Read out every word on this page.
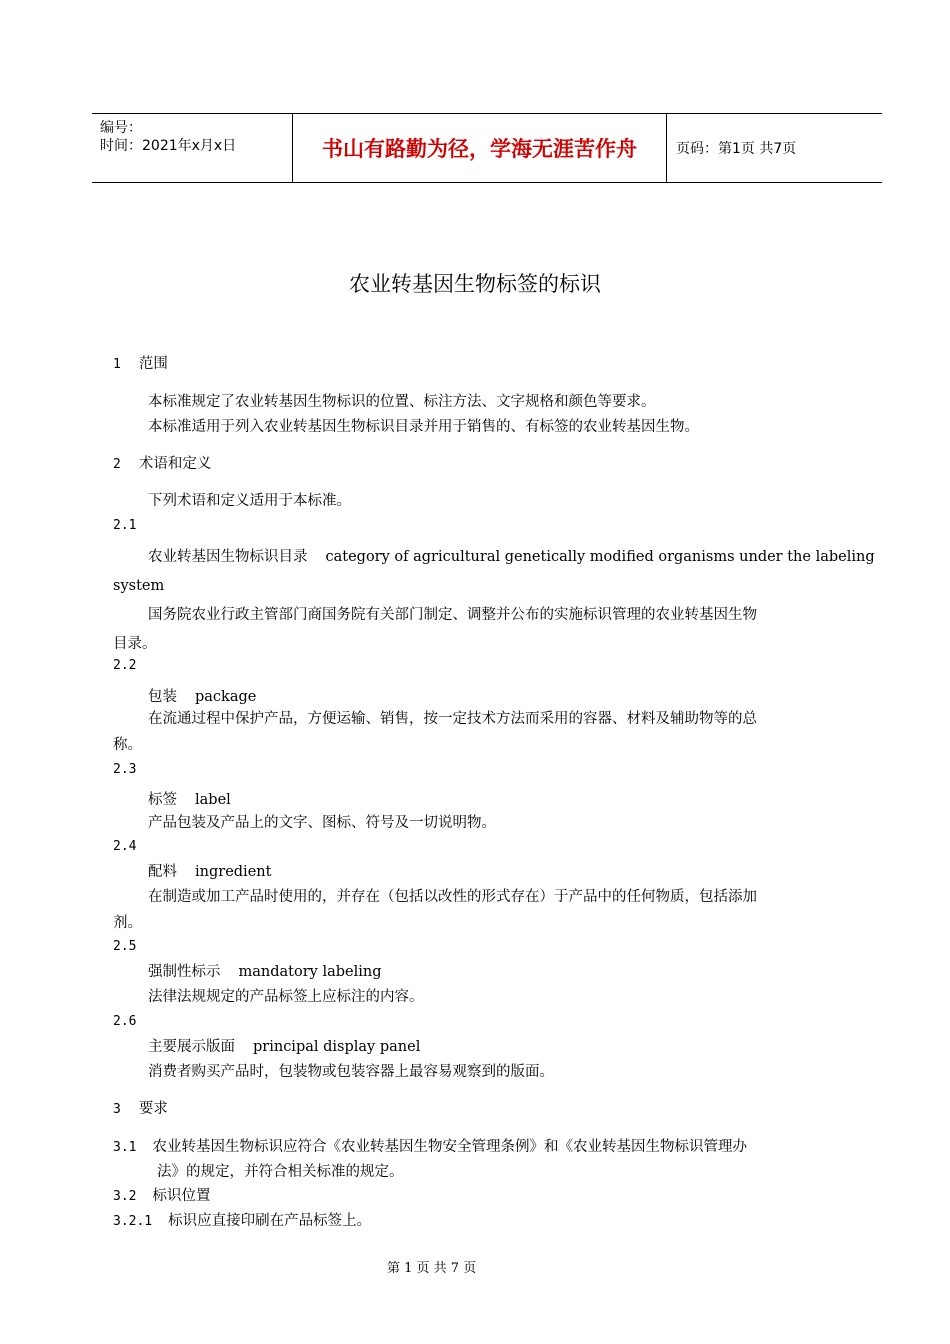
编号：
时间：2021年x月x日	书山有路勤为径，学海无涯苦作舟	页码：第1页 共7页
农业转基因生物标签的标识
1 范围
本标准规定了农业转基因生物标识的位置、标注方法、文字规格和颜色等要求。
本标准适用于列入农业转基因生物标识目录并用于销售的、有标签的农业转基因生物。
2 术语和定义
下列术语和定义适用于本标准。
2.1
农业转基因生物标识目录 category of agricultural genetically modified organisms under the labeling
system
国务院农业行政主管部门商国务院有关部门制定、调整并公布的实施标识管理的农业转基因生物
目录。
2.2
包装 package
在流通过程中保护产品，方便运输、销售，按一定技术方法而采用的容器、材料及辅助物等的总
称。
2.3
标签 label
产品包装及产品上的文字、图标、符号及一切说明物。
2.4
配料 ingredient
在制造或加工产品时使用的，并存在（包括以改性的形式存在）于产品中的任何物质，包括添加
剂。
2.5
强制性标示 mandatory labeling
法律法规规定的产品标签上应标注的内容。
2.6
主要展示版面 principal display panel
消费者购买产品时，包装物或包装容器上最容易观察到的版面。
3 要求
3.1 农业转基因生物标识应符合《农业转基因生物安全管理条例》和《农业转基因生物标识管理办
法》的规定，并符合相关标准的规定。
3.2 标识位置
3.2.1 标识应直接印刷在产品标签上。
第 1 页 共 7 页
